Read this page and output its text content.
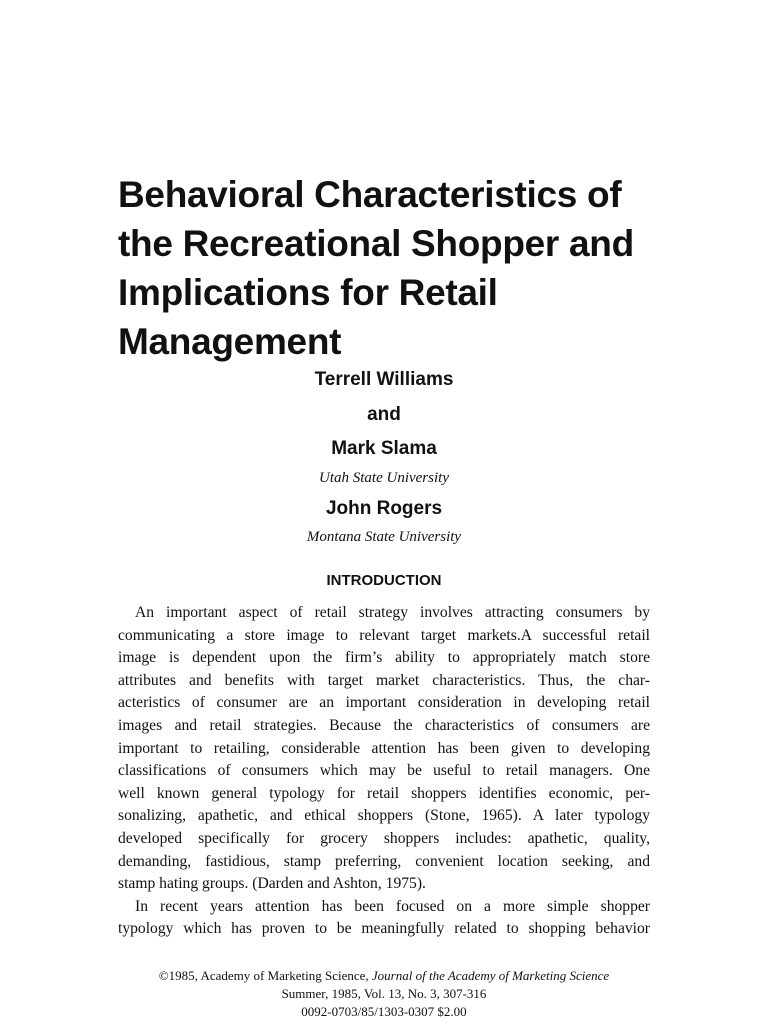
Behavioral Characteristics of
the Recreational Shopper and
Implications for Retail
Management
Terrell Williams
and
Mark Slama
Utah State University
John Rogers
Montana State University
INTRODUCTION
An important aspect of retail strategy involves attracting consumers by
communicating a store image to relevant target markets.A successful retail
image is dependent upon the firm’s ability to appropriately match store
attributes and benefits with target market characteristics. Thus, the char-
acteristics of consumer are an important consideration in developing retail
images and retail strategies. Because the characteristics of consumers are
important to retailing, considerable attention has been given to developing
classifications of consumers which may be useful to retail managers. One
well known general typology for retail shoppers identifies economic, per-
sonalizing, apathetic, and ethical shoppers (Stone, 1965). A later typology
developed specifically for grocery shoppers includes: apathetic, quality,
demanding, fastidious, stamp preferring, convenient location seeking, and
stamp hating groups. (Darden and Ashton, 1975).
In recent years attention has been focused on a more simple shopper
typology which has proven to be meaningfully related to shopping behavior
©1985, Academy of Marketing Science, Journal of the Academy of Marketing Science
Summer, 1985, Vol. 13, No. 3, 307-316
0092-0703/85/1303-0307 $2.00
